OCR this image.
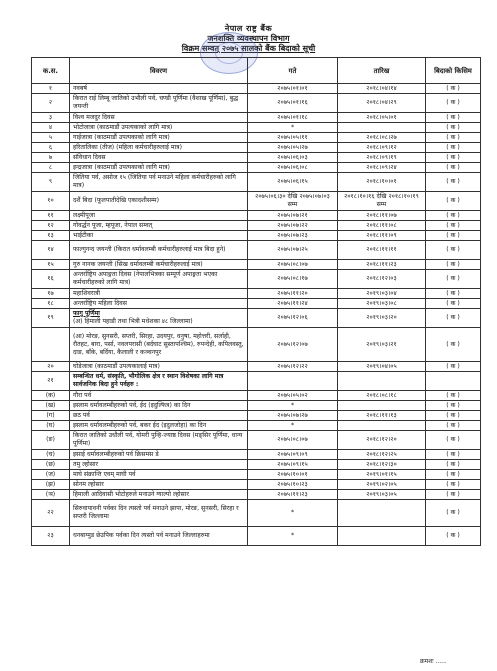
नेपाल राष्ट्र बैंक
जनशक्ति व्यवस्थापन विभाग
विक्रम सम्वत् २०७५ सालको बैंक बिदाको सूची
क.स.	विवरण	गते	तारिख	बिदाको किसिम
१	नवबर्ष	२०७५।०१।०१	२०१८।०४।१४	( क )
२	किरात राई लिम्बू जातिको उभौली पर्व, चण्डी पूर्णिमा (वैशाख पूर्णिमा), बुद्ध जयन्ती	२०७५।०१।१६	२०१८।०४।२९	( क )
३	विश्व मजदुर दिवस	२०७५।०१।१८	२०१८।०५।०१	( क )
४	भोटोजात्रा (काठमाडौं उपत्यकाको लागि मात्र)	*		( क )
५	गाईजात्रा (काठमाडौं उपत्यकाको लागि मात्र)	२०७५।०५।११	२०१८।०८।२७	( क )
६	हरितालिका (तीज) (महिला कर्मचारीहरुलाई मात्र)	२०७५।०५।२७	२०१८।०९।१२	( क )
७	संविधान दिवस	२०७५।०६।०३	२०१८।०९।१९	( क )
८	इन्द्रजात्रा (काठमाडौं उपत्यकाको लागि मात्र)	२०७५।०६।०८	२०१८।०९।२४	( क )
९	जितिया पर्व, असोज १५ (जितिया पर्व मनाउने महिला कर्मचारीहरुको लागि मात्र)	२०७५।०६।१५	२०१८।१०।०१	( क )
१०	दशैं बिदा (फूलपातीदेखि एकादशीसम्म)	२०७५।०६।३० देखि २०७५।०७।०३ सम्म	२०१८।१०।१६ देखि २०१८।१०।१९ सम्म	( क )
११	लक्ष्मीपूजा	२०७५।०७।२१	२०१८।११।०७	( क )
१२	गोवर्द्धन पूजा, म्हपूजा, नेपाल सम्वत्	२०७५।०७।२२	२०१८।११।०८	( क )
१३	भाईटीका	२०७५।०७।२३	२०१८।११।०९	( क )
१४	फाल्गुनन्द जयन्ती (किरात धर्मावलम्बी कर्मचारीहरुलाई मात्र बिदा हुने)	२०७५।०७।२५	२०१८।११।११	( क )
१५	गुरु नानक जयन्ती (सिख धर्मावलम्बी कर्मचारीहरुलाई मात्र)	२०७५।०८।०७	२०१८।११।२३	( क )
१६	अन्तर्राष्ट्रिय अपाङ्गता दिवस (नेपालभित्रका सम्पूर्ण अपाङ्गता भएका कर्मचारीहरुको लागि मात्र)	२०७५।०८।१७	२०१८।१२।०३	( क )
१७	महाशिवरात्री	२०७५।११।२०	२०१९।०३।०४	( क )
१८	अन्तर्राष्ट्रिय महिला दिवस	२०७५।११।२४	२०१९।०३।०८	( क )
१९	फागु पूर्णिमा
(अ) हिमाली पहाडी तथा भित्री मधेशका ४८ जिल्लामा)	२०७५।१२।०६	२०१९।०३।२०	( क )
	(आ) मोरङ, सुनसरी, सप्तरी, सिरहा, उदयपुर, धनुषा, महोत्तरी, सर्लाही, रौतहट, बारा, पर्सा, नवलपरासी (बर्दघाट सुस्तापश्चिम), रुपन्देही, कपिलवस्तु, दाङ, बाँके, बर्दिया, कैलाली र कञ्चनपुर	२०७५।१२।०७	२०१९।०३।२१	( क )
२०	घोडेजात्रा (काठमाडौं उपत्यकालाई मात्र)	२०७५।१२।२२	२०१९।०४।०५	( क )
२१	सम्बन्धित धर्म, संस्कृति, भौगोलिक क्षेत्र र स्थान विशेषका लागि मात्र सार्वजनिक बिदा हुने पर्वहरु :			
(क)	गौरा पर्व	२०७५।०५।०२	२०१८।०८।१८	( क )
(ख)	इस्लाम धर्मावलम्बीहरुको पर्व, ईद (इदुल्फित्र) का दिन	*		( क )
(ग)	छठ पर्व	२०७५।०७।२७	२०१८।११।१३	( क )
(घ)	इस्लाम धर्मावलम्बीहरुको पर्व, बकर ईद (इदुलजोहा) का दिन	*		( क )
(ङ)	किरात जातिको उधौली पर्व, योमरी पुन्हि-ज्याष्ठ दिवस (मङ्सिर पूर्णिमा, धान्य पूर्णिमा)	२०७५।०८।०७	२०१८।१२।२०	( क )
(च)	इसाई धर्मावलम्बीहरुको पर्व क्रिसमस डे	२०७५।०९।०९	२०१८।१२।२५	( क )
(छ)	तमु ल्होसार	२०७५।०९।१५	२०१८।१२।३०	( क )
(ज)	माघे संक्रान्ति एवम् माघी पर्व	२०७५।१०।०१	२०१९।०१।१५	( क )
(झ)	सोनम ल्होसार	२०७५।१०।२३	२०१९।०२।०५	( क )
(ञ)	हिमाली आदिवासी भोटोहरुले मनाउने ग्याल्पो ल्होसार	२०७५।११।२३	२०१९।०३।०५	( क )
२२	सिरुवापावनी पर्वका दिन त्यस्तो पर्व मनाउने झापा, मोरङ, सुनसरी, सिरहा र सप्तरी जिल्लामा	*		( क )
२३	धनबाग्मुड छेउपिक पर्वका दिन त्यस्तो पर्व मनाउने जिल्लाहरुमा	*		( क )
क्रमशः ......
